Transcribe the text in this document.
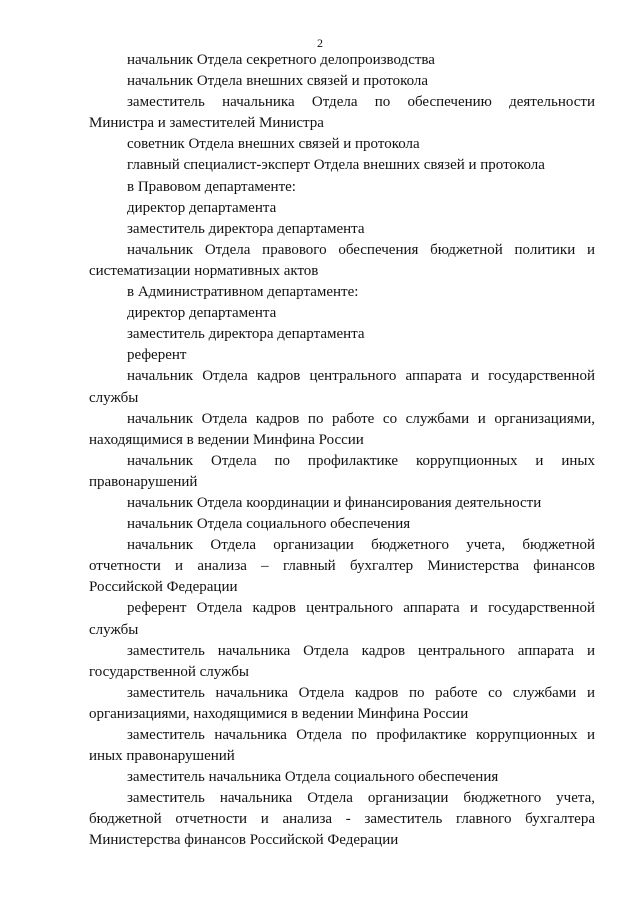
2

начальник Отдела секретного делопроизводства

начальник Отдела внешних связей и протокола

заместитель начальника Отдела по обеспечению деятельности Министра и заместителей Министра

советник Отдела внешних связей и протокола

главный специалист-эксперт Отдела внешних связей и протокола

в Правовом департаменте:

директор департамента

заместитель директора департамента

начальник Отдела правового обеспечения бюджетной политики и систематизации нормативных актов

в Административном департаменте:

директор департамента

заместитель директора департамента

референт

начальник Отдела кадров центрального аппарата и государственной службы

начальник Отдела кадров по работе со службами и организациями, находящимися в ведении Минфина России

начальник Отдела по профилактике коррупционных и иных правонарушений

начальник Отдела координации и финансирования деятельности

начальник Отдела социального обеспечения

начальник Отдела организации бюджетного учета, бюджетной отчетности и анализа – главный бухгалтер Министерства финансов Российской Федерации

референт Отдела кадров центрального аппарата и государственной службы

заместитель начальника Отдела кадров центрального аппарата и государственной службы

заместитель начальника Отдела кадров по работе со службами и организациями, находящимися в ведении Минфина России

заместитель начальника Отдела по профилактике коррупционных и иных правонарушений

заместитель начальника Отдела социального обеспечения

заместитель начальника Отдела организации бюджетного учета, бюджетной отчетности и анализа - заместитель главного бухгалтера Министерства финансов Российской Федерации
